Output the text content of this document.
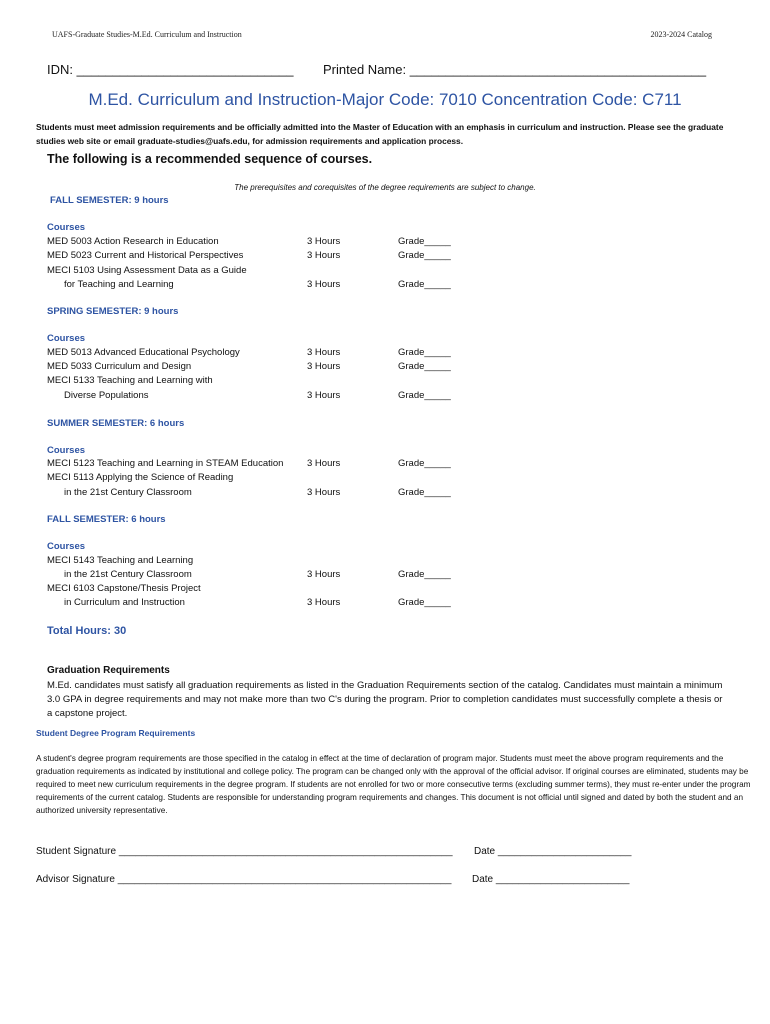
UAFS-Graduate Studies-M.Ed. Curriculum and Instruction	2023-2024 Catalog
IDN: ______________________________ Printed Name: _________________________________________
M.Ed. Curriculum and Instruction-Major Code: 7010 Concentration Code: C711
Students must meet admission requirements and be officially admitted into the Master of Education with an emphasis in curriculum and instruction. Please see the graduate studies web site or email graduate-studies@uafs.edu, for admission requirements and application process.
The following is a recommended sequence of courses.
The prerequisites and corequisites of the degree requirements are subject to change.
FALL SEMESTER: 9 hours
Courses
MED 5003 Action Research in Education	3 Hours	Grade_____
MED 5023 Current and Historical Perspectives	3 Hours	Grade_____
MECI 5103 Using Assessment Data as a Guide
for Teaching and Learning	3 Hours	Grade_____
SPRING SEMESTER: 9 hours
Courses
MED 5013 Advanced Educational Psychology	3 Hours	Grade_____
MED 5033 Curriculum and Design	3 Hours	Grade_____
MECI 5133 Teaching and Learning with
Diverse Populations	3 Hours	Grade_____
SUMMER SEMESTER: 6 hours
Courses
MECI 5123 Teaching and Learning in STEAM Education 3 Hours	Grade_____
MECI 5113 Applying the Science of Reading
in the 21st Century Classroom	3 Hours	Grade_____
FALL SEMESTER: 6 hours
Courses
MECI 5143 Teaching and Learning
in the 21st Century Classroom	3 Hours	Grade_____
MECI 6103 Capstone/Thesis Project
in Curriculum and Instruction	3 Hours	Grade_____
Total Hours: 30
Graduation Requirements
M.Ed. candidates must satisfy all graduation requirements as listed in the Graduation Requirements section of the catalog. Candidates must maintain a minimum 3.0 GPA in degree requirements and may not make more than two C's during the program. Prior to completion candidates must successfully complete a thesis or a capstone project.
Student Degree Program Requirements
A student's degree program requirements are those specified in the catalog in effect at the time of declaration of program major. Students must meet the above program requirements and the graduation requirements as indicated by institutional and college policy. The program can be changed only with the approval of the official advisor. If original courses are eliminated, students may be required to meet new curriculum requirements in the degree program. If students are not enrolled for two or more consecutive terms (excluding summer terms), they must re-enter under the program requirements of the current catalog. Students are responsible for understanding program requirements and changes. This document is not official until signed and dated by both the student and an authorized university representative.
Student Signature ____________________________________________________________ Date ________________________
Advisor Signature ____________________________________________________________ Date ________________________
